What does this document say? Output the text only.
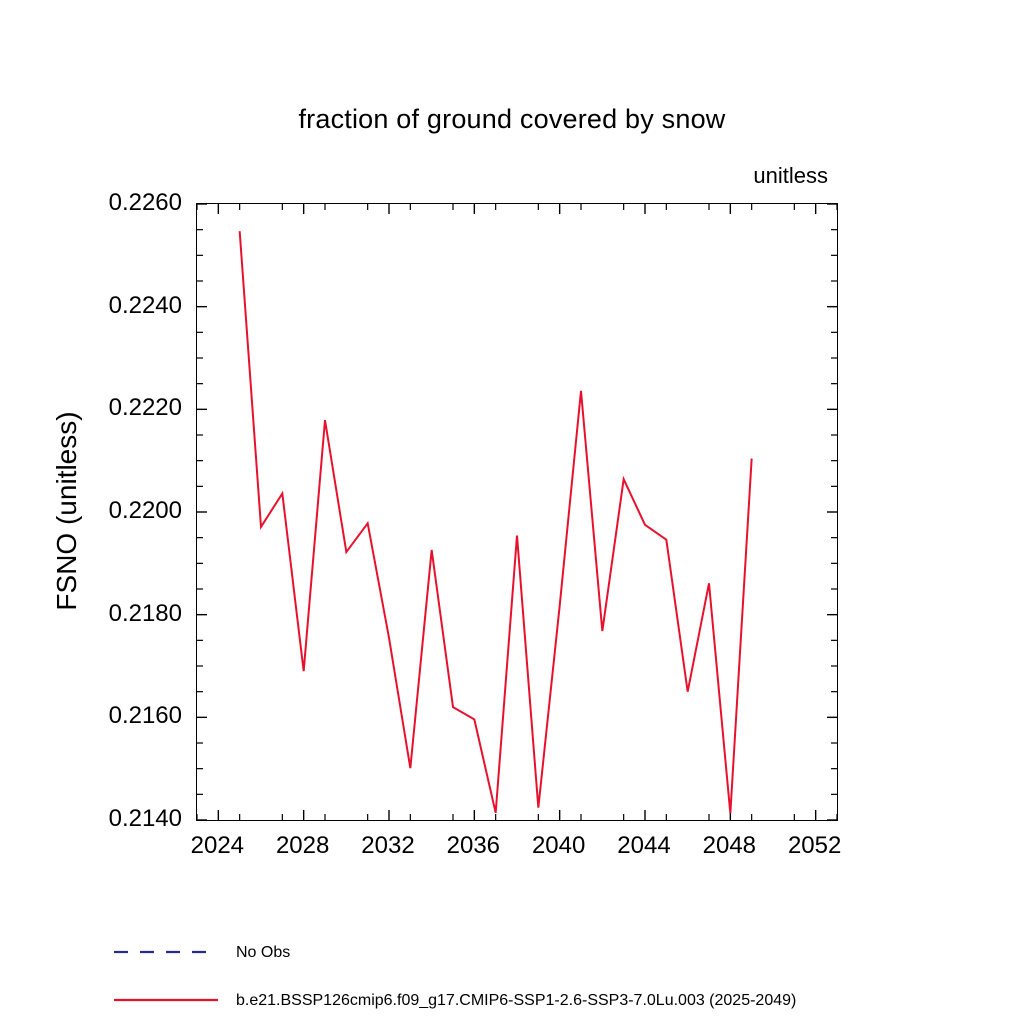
fraction of ground covered by snow
unitless
FSNO (unitless)
0.2140
0.2160
0.2180
0.2200
0.2220
0.2240
0.2260
2024 2028 2032 2036 2040 2044 2048 2052
No Obs
b.e21.BSSP126cmip6.f09_g17.CMIP6-SSP1-2.6-SSP3-7.0Lu.003 (2025-2049)
